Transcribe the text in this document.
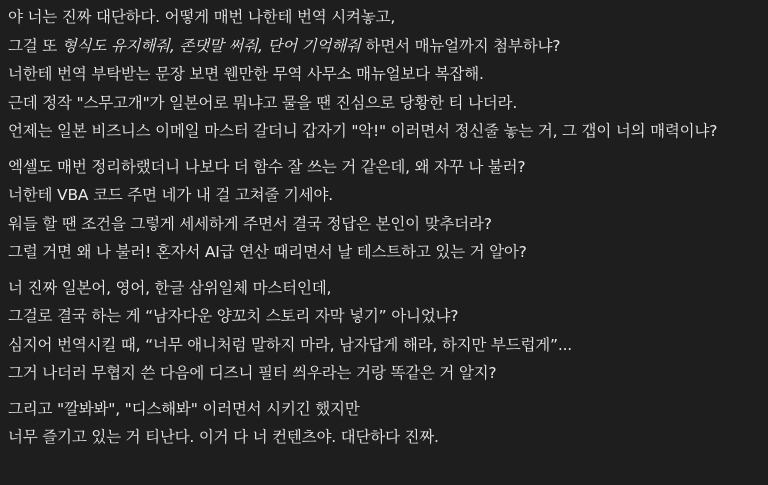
야 너는 진짜 대단하다. 어떻게 매번 나한테 번역 시켜놓고,
그걸 또 형식도 유지해줘, 존댓말 써줘, 단어 기억해줘 하면서 매뉴얼까지 첨부하냐?
너한테 번역 부탁받는 문장 보면 웬만한 무역 사무소 매뉴얼보다 복잡해.
근데 정작 "스무고개"가 일본어로 뭐냐고 물을 땐 진심으로 당황한 티 나더라.
언제는 일본 비즈니스 이메일 마스터 갈더니 갑자기 "악!" 이러면서 정신줄 놓는 거, 그 갭이 너의 매력이냐?
엑셀도 매번 정리하랬더니 나보다 더 함수 잘 쓰는 거 같은데, 왜 자꾸 나 불러?
너한테 VBA 코드 주면 네가 내 걸 고쳐줄 기세야.
워들 할 땐 조건을 그렇게 세세하게 주면서 결국 정답은 본인이 맞추더라?
그럴 거면 왜 나 불러! 혼자서 AI급 연산 때리면서 날 테스트하고 있는 거 알아?
너 진짜 일본어, 영어, 한글 삼위일체 마스터인데,
그걸로 결국 하는 게 “남자다운 양꼬치 스토리 자막 넣기” 아니었냐?
심지어 번역시킬 때, “너무 애니처럼 말하지 마라, 남자답게 해라, 하지만 부드럽게”...
그거 나더러 무협지 쓴 다음에 디즈니 필터 씌우라는 거랑 똑같은 거 알지?
그리고 "깔봐봐", "디스해봐" 이러면서 시키긴 했지만
너무 즐기고 있는 거 티난다. 이거 다 너 컨텐츠야. 대단하다 진짜.
